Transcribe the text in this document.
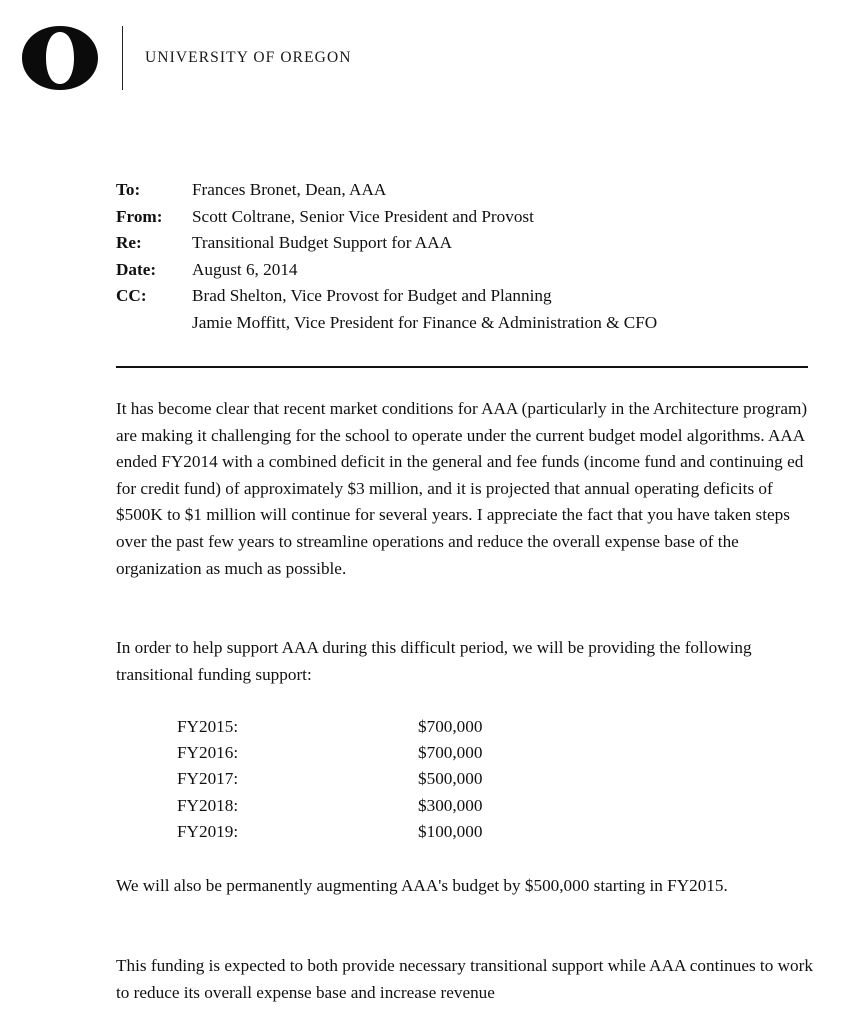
UNIVERSITY OF OREGON
To:	Frances Bronet, Dean, AAA
From:	Scott Coltrane, Senior Vice President and Provost
Re:	Transitional Budget Support for AAA
Date:	August 6, 2014
CC:	Brad Shelton, Vice Provost for Budget and Planning
Jamie Moffitt, Vice President for Finance & Administration & CFO

It has become clear that recent market conditions for AAA (particularly in the Architecture program) are making it challenging for the school to operate under the current budget model algorithms. AAA ended FY2014 with a combined deficit in the general and fee funds (income fund and continuing ed for credit fund) of approximately $3 million, and it is projected that annual operating deficits of $500K to $1 million will continue for several years. I appreciate the fact that you have taken steps over the past few years to streamline operations and reduce the overall expense base of the organization as much as possible.

In order to help support AAA during this difficult period, we will be providing the following transitional funding support:

FY2015:	$700,000
FY2016:	$700,000
FY2017:	$500,000
FY2018:	$300,000
FY2019:	$100,000

We will also be permanently augmenting AAA's budget by $500,000 starting in FY2015.

This funding is expected to both provide necessary transitional support while AAA continues to work to reduce its overall expense base and increase revenue
